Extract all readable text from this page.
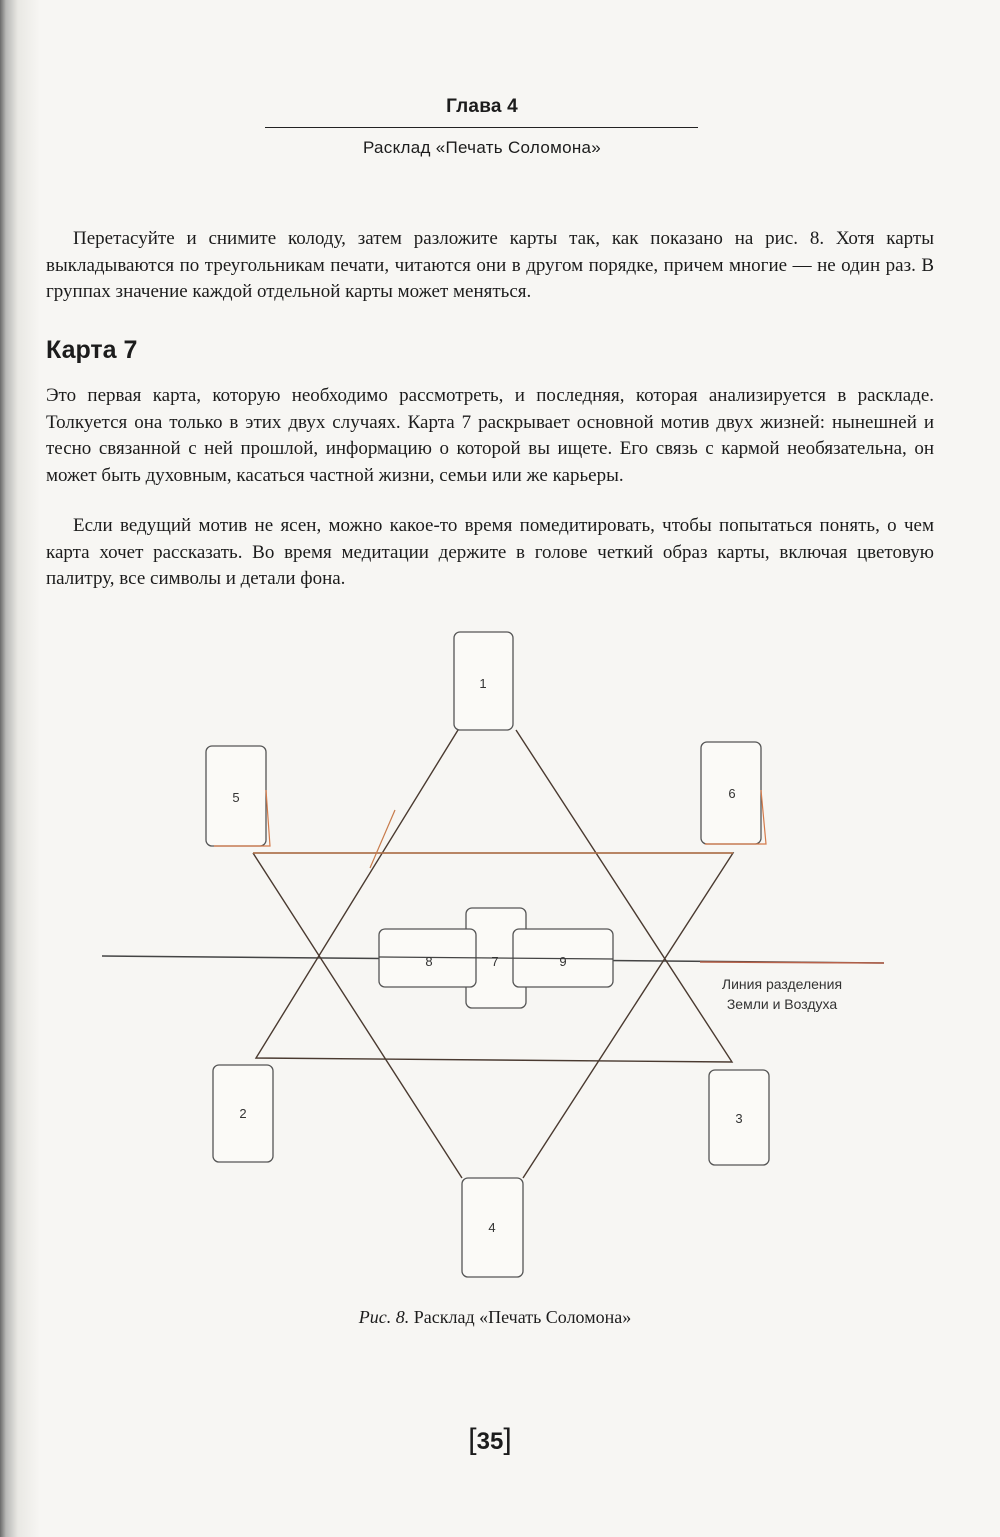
Глава 4
Расклад «Печать Соломона»

Перетасуйте и снимите колоду, затем разложите карты так, как показано на рис. 8. Хотя карты выкладываются по треугольникам печати, читаются они в другом порядке, причем многие — не один раз. В группах значение каждой отдельной карты может меняться.

Карта 7

Это первая карта, которую необходимо рассмотреть, и последняя, которая анализируется в раскладе. Толкуется она только в этих двух случаях. Карта 7 раскрывает основной мотив двух жизней: нынешней и тесно связанной с ней прошлой, информацию о которой вы ищете. Его связь с кармой необязательна, он может быть духовным, касаться частной жизни, семьи или же карьеры.

Если ведущий мотив не ясен, можно какое-то время помедитировать, чтобы попытаться понять, о чем карта хочет рассказать. Во время медитации держите в голове четкий образ карты, включая цветовую палитру, все символы и детали фона.

1
5	6
8	7	9
2	3
4
Линия разделения
Земли и Воздуха
Рис. 8. Расклад «Печать Соломона»
[35]
